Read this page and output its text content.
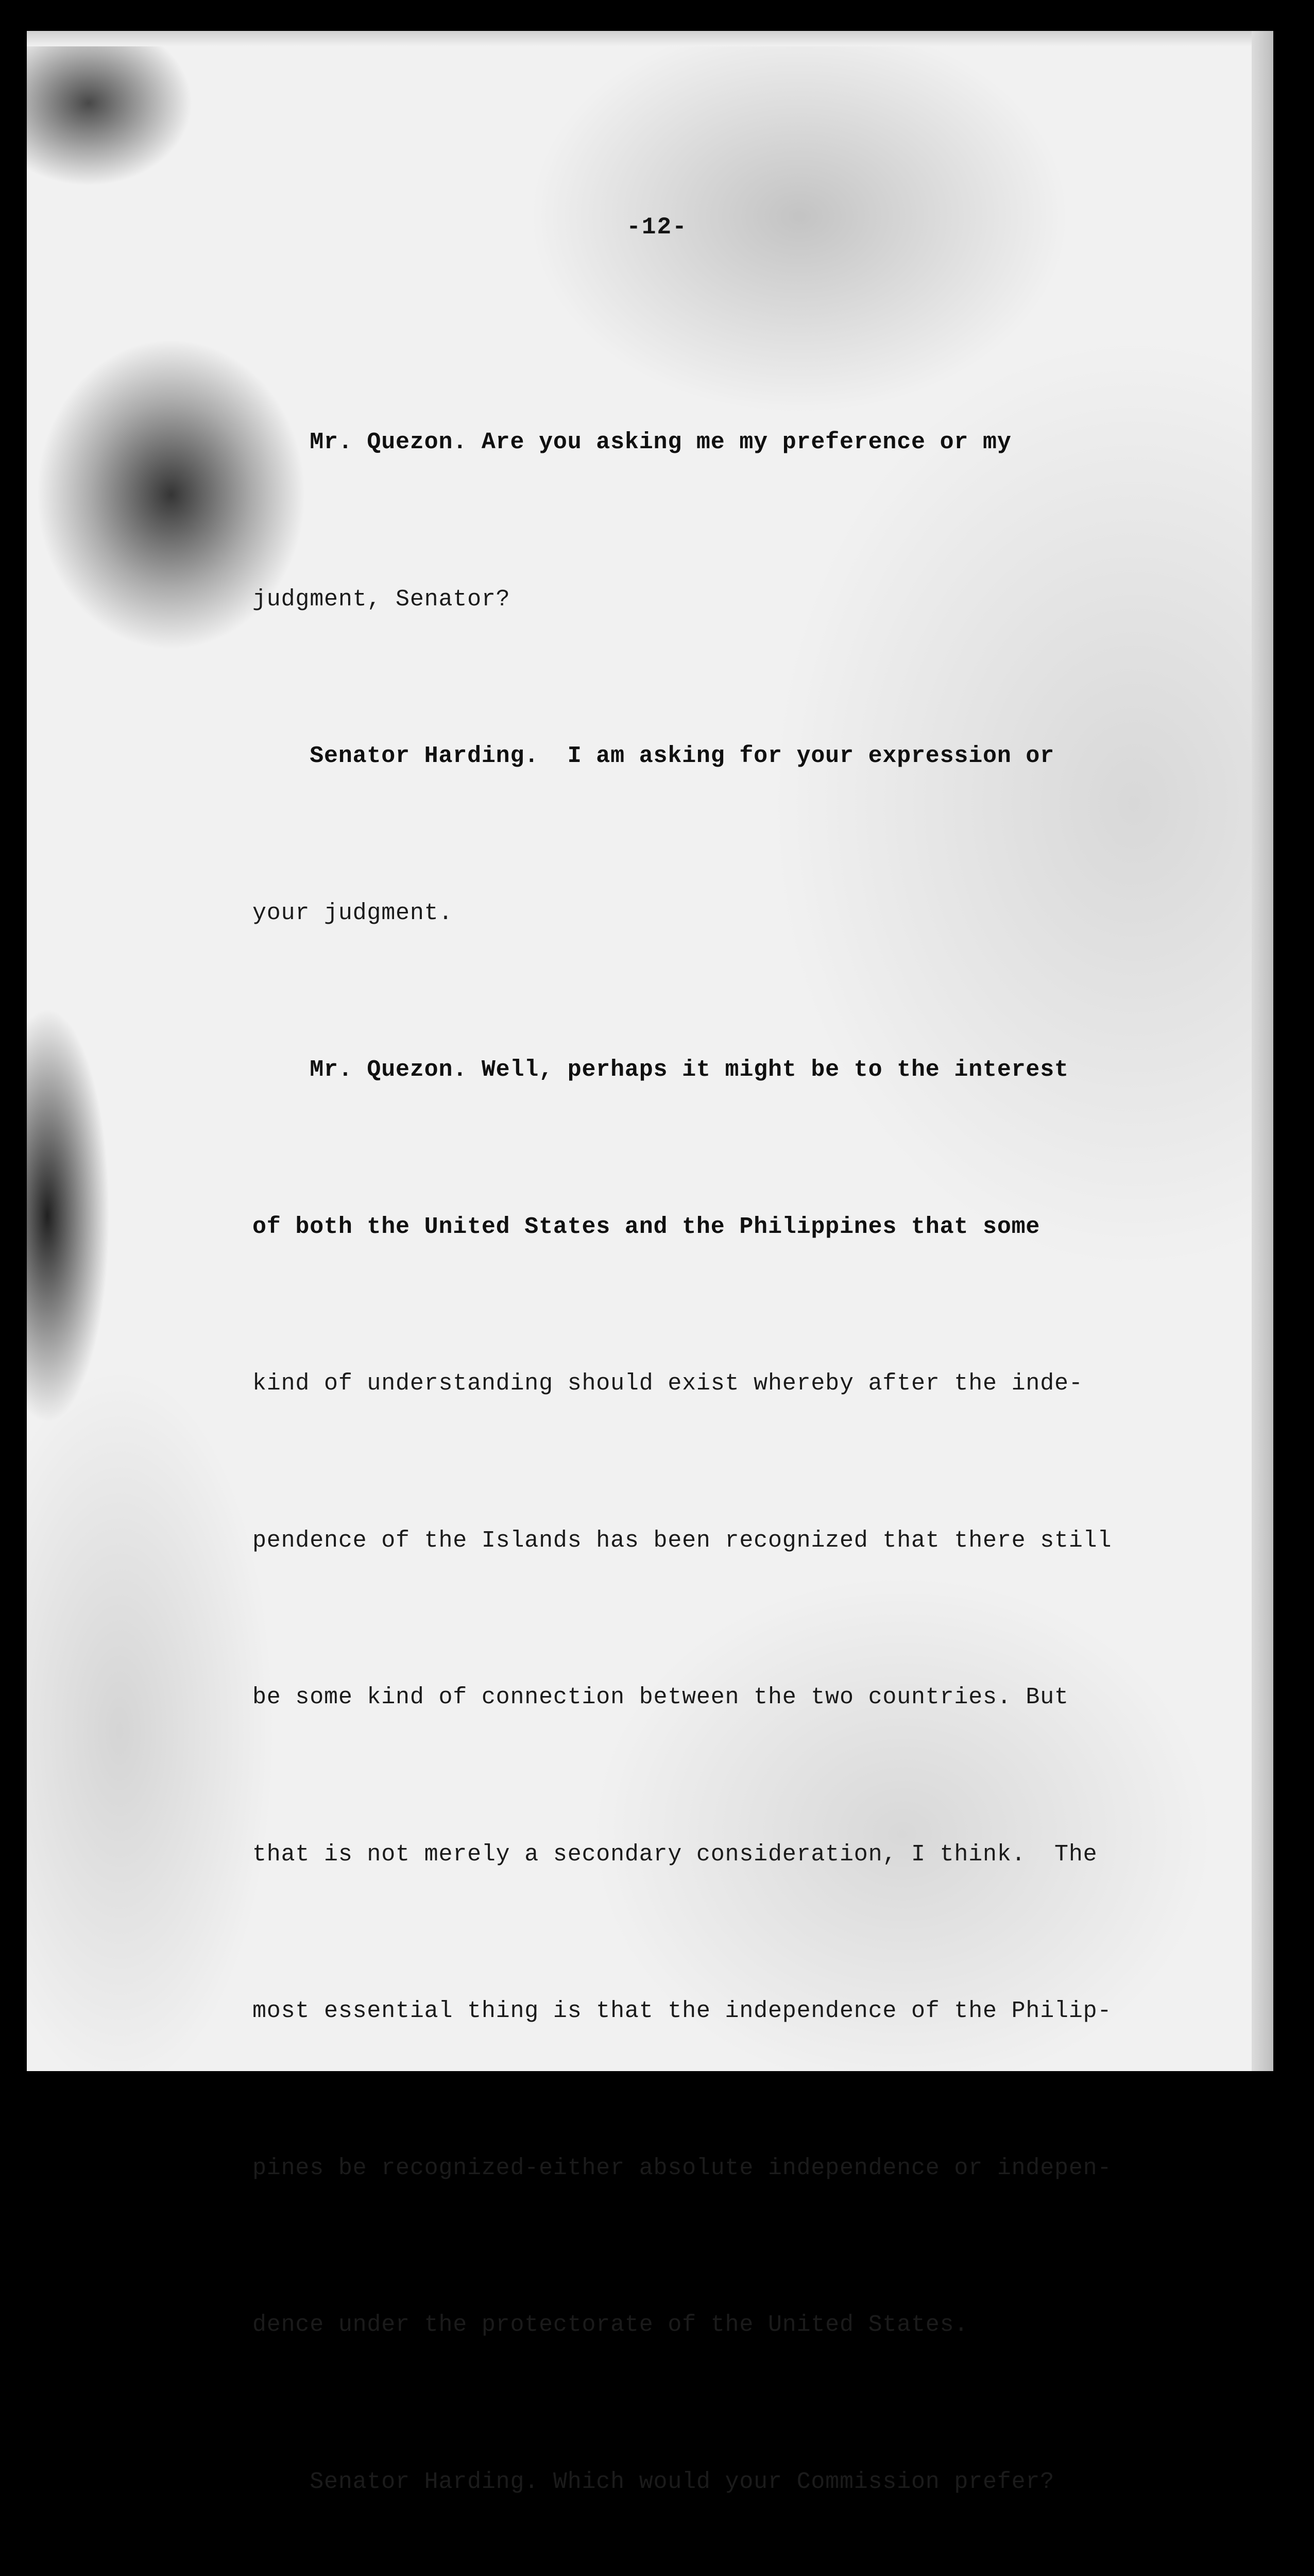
-12-

Mr. Quezon. Are you asking me my preference or my

judgment, Senator?

Senator Harding.  I am asking for your expression or

your judgment.

Mr. Quezon. Well, perhaps it might be to the interest

of both the United States and the Philippines that some

kind of understanding should exist whereby after the inde-

pendence of the Islands has been recognized that there still

be some kind of connection between the two countries. But

that is not merely a secondary consideration, I think.  The

most essential thing is that the independence of the Philip-

pines be recognized-either absolute independence or indepen-

dence under the protectorate of the United States.

Senator Harding. Which would your Commission prefer?
